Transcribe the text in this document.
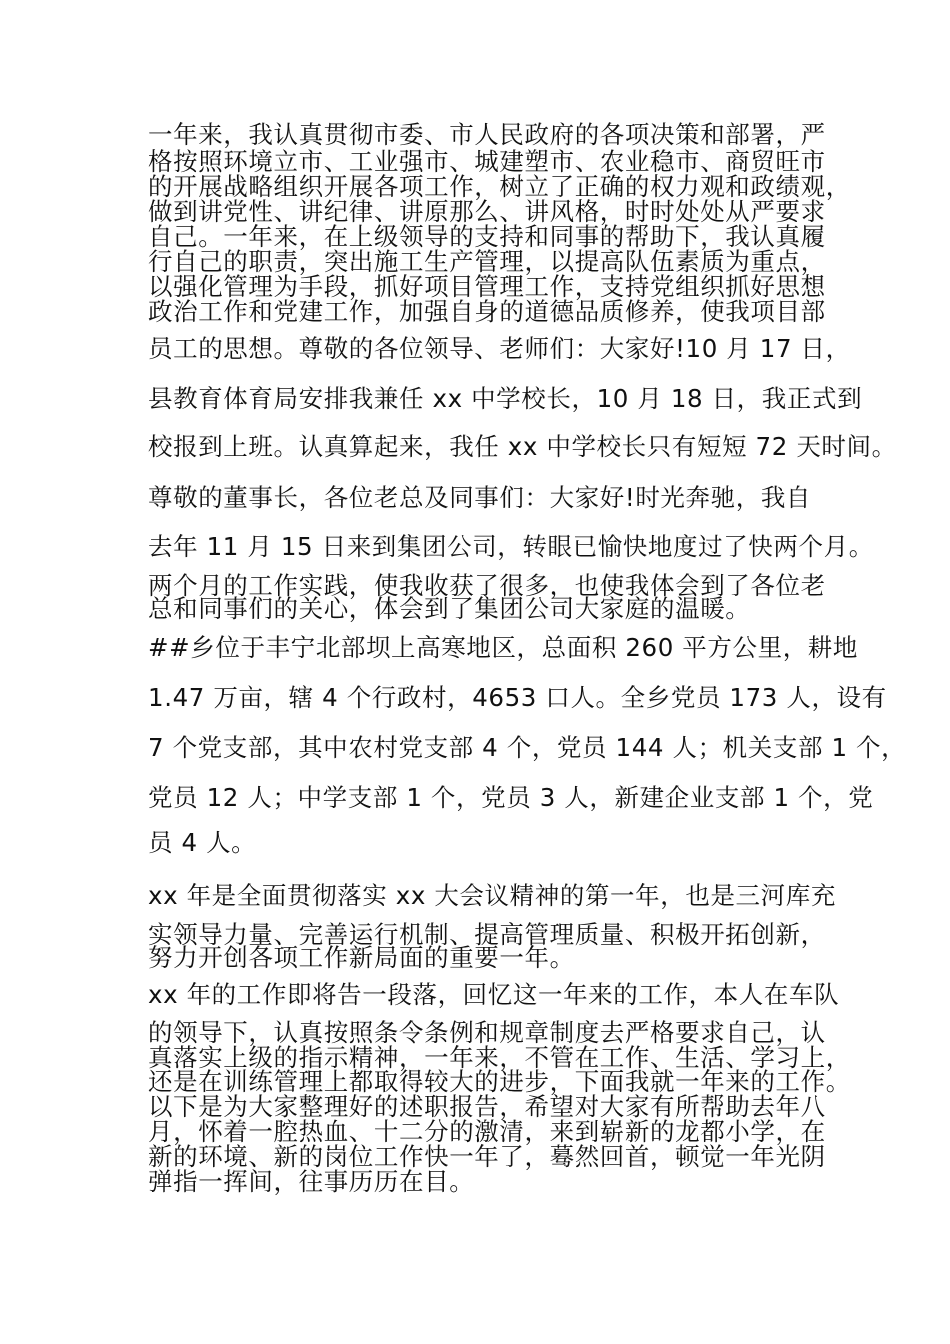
一年来，我认真贯彻市委、市人民政府的各项决策和部署，严
格按照环境立市、工业强市、城建塑市、农业稳市、商贸旺市
的开展战略组织开展各项工作，树立了正确的权力观和政绩观，
做到讲党性、讲纪律、讲原那么、讲风格，时时处处从严要求
自己。一年来，在上级领导的支持和同事的帮助下，我认真履
行自己的职责，突出施工生产管理，以提高队伍素质为重点，
以强化管理为手段，抓好项目管理工作，支持党组织抓好思想
政治工作和党建工作，加强自身的道德品质修养，使我项目部
员工的思想。尊敬的各位领导、老师们：大家好!10 月 17 日，
县教育体育局安排我兼任 xx 中学校长，10 月 18 日，我正式到
校报到上班。认真算起来，我任 xx 中学校长只有短短 72 天时间。
尊敬的董事长，各位老总及同事们：大家好!时光奔驰，我自
去年 11 月 15 日来到集团公司，转眼已愉快地度过了快两个月。
两个月的工作实践，使我收获了很多，也使我体会到了各位老
总和同事们的关心，体会到了集团公司大家庭的温暖。
##乡位于丰宁北部坝上高寒地区，总面积 260 平方公里，耕地
1.47 万亩，辖 4 个行政村，4653 口人。全乡党员 173 人，设有
7 个党支部，其中农村党支部 4 个，党员 144 人；机关支部 1 个，
党员 12 人；中学支部 1 个，党员 3 人，新建企业支部 1 个，党
员 4 人。
xx 年是全面贯彻落实 xx 大会议精神的第一年，也是三河库充
实领导力量、完善运行机制、提高管理质量、积极开拓创新，
努力开创各项工作新局面的重要一年。
xx 年的工作即将告一段落，回忆这一年来的工作，本人在车队
的领导下，认真按照条令条例和规章制度去严格要求自己，认
真落实上级的指示精神，一年来，不管在工作、生活、学习上，
还是在训练管理上都取得较大的进步，下面我就一年来的工作。
以下是为大家整理好的述职报告，希望对大家有所帮助去年八
月，怀着一腔热血、十二分的激清，来到崭新的龙都小学，在
新的环境、新的岗位工作快一年了，蓦然回首，顿觉一年光阴
弹指一挥间，往事历历在目。
